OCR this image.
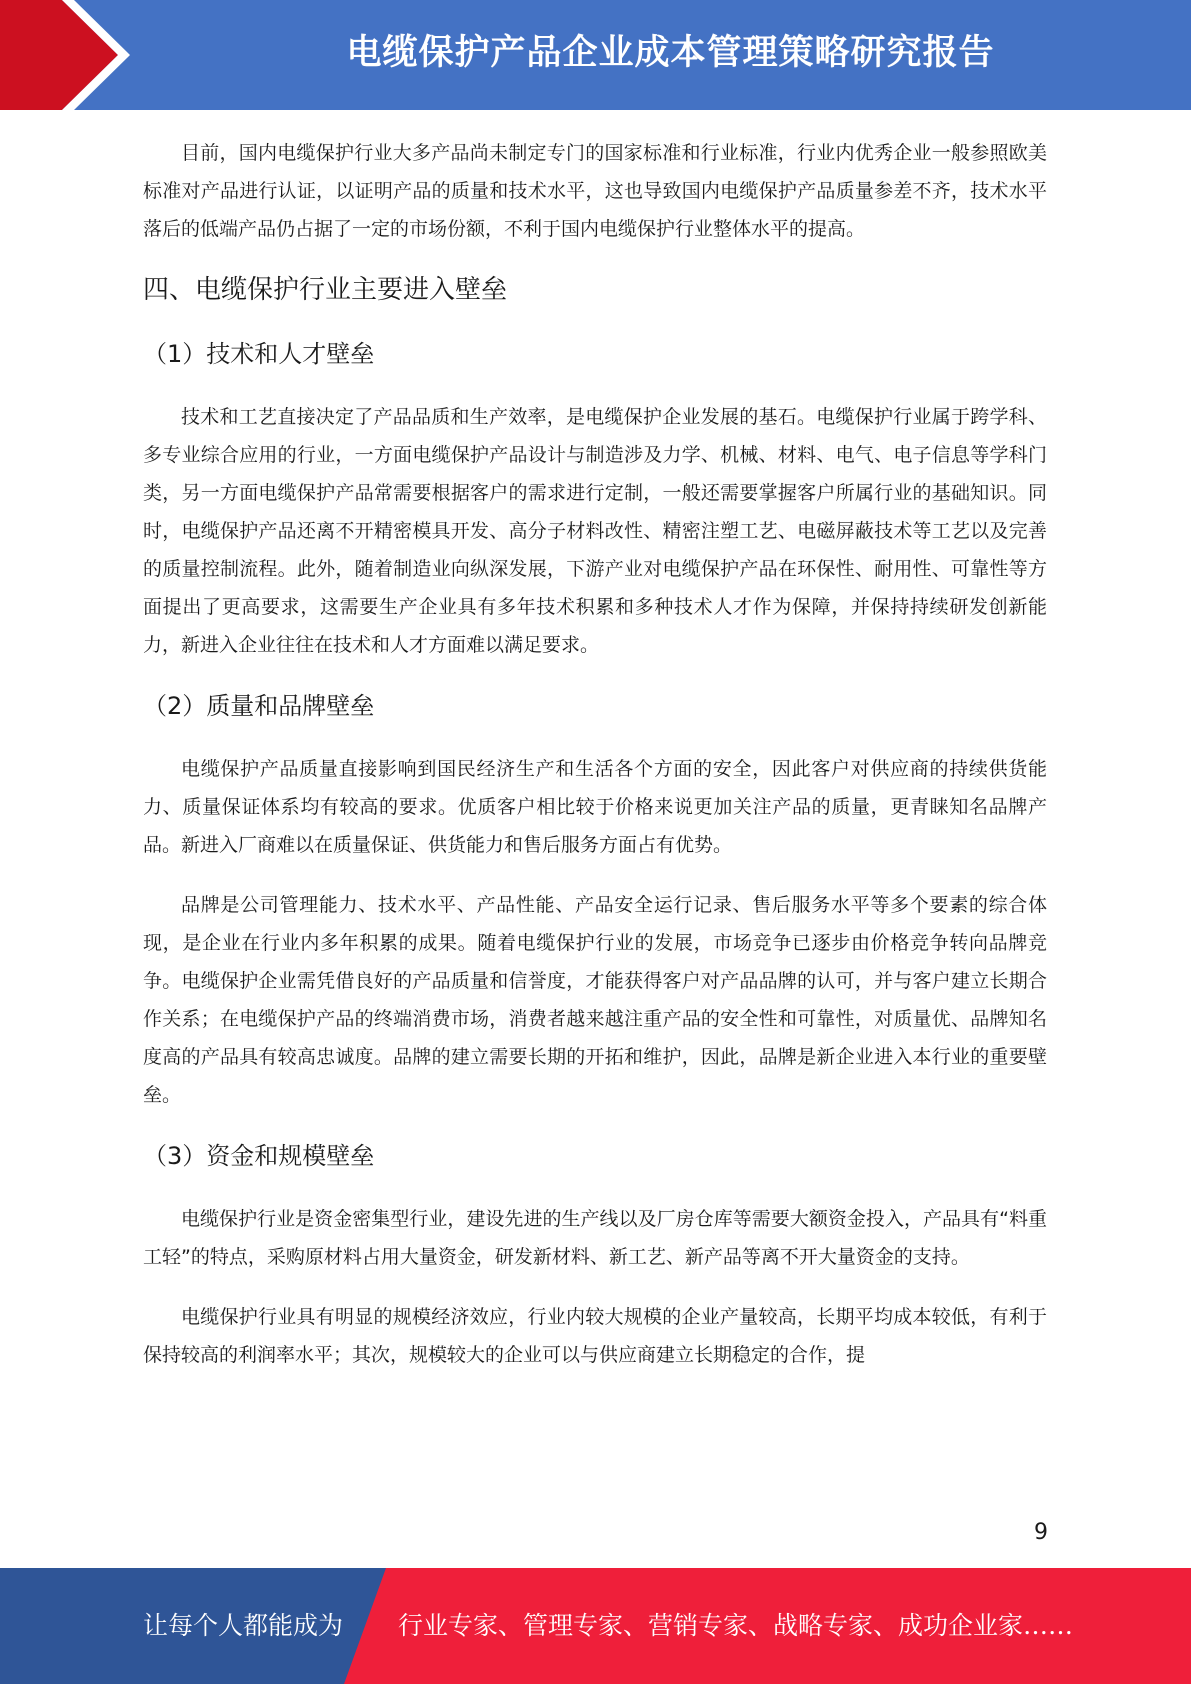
电缆保护产品企业成本管理策略研究报告

目前，国内电缆保护行业大多产品尚未制定专门的国家标准和行业标准，行业内优秀企业一般参照欧美标准对产品进行认证，以证明产品的质量和技术水平，这也导致国内电缆保护产品质量参差不齐，技术水平落后的低端产品仍占据了一定的市场份额，不利于国内电缆保护行业整体水平的提高。

四、电缆保护行业主要进入壁垒
（1）技术和人才壁垒

技术和工艺直接决定了产品品质和生产效率，是电缆保护企业发展的基石。电缆保护行业属于跨学科、多专业综合应用的行业，一方面电缆保护产品设计与制造涉及力学、机械、材料、电气、电子信息等学科门类，另一方面电缆保护产品常需要根据客户的需求进行定制，一般还需要掌握客户所属行业的基础知识。同时，电缆保护产品还离不开精密模具开发、高分子材料改性、精密注塑工艺、电磁屏蔽技术等工艺以及完善的质量控制流程。此外，随着制造业向纵深发展，下游产业对电缆保护产品在环保性、耐用性、可靠性等方面提出了更高要求，这需要生产企业具有多年技术积累和多种技术人才作为保障，并保持持续研发创新能力，新进入企业往往在技术和人才方面难以满足要求。

（2）质量和品牌壁垒

电缆保护产品质量直接影响到国民经济生产和生活各个方面的安全，因此客户对供应商的持续供货能力、质量保证体系均有较高的要求。优质客户相比较于价格来说更加关注产品的质量，更青睐知名品牌产品。新进入厂商难以在质量保证、供货能力和售后服务方面占有优势。

品牌是公司管理能力、技术水平、产品性能、产品安全运行记录、售后服务水平等多个要素的综合体现，是企业在行业内多年积累的成果。随着电缆保护行业的发展，市场竞争已逐步由价格竞争转向品牌竞争。电缆保护企业需凭借良好的产品质量和信誉度，才能获得客户对产品品牌的认可，并与客户建立长期合作关系；在电缆保护产品的终端消费市场，消费者越来越注重产品的安全性和可靠性，对质量优、品牌知名度高的产品具有较高忠诚度。品牌的建立需要长期的开拓和维护，因此，品牌是新企业进入本行业的重要壁垒。

（3）资金和规模壁垒

电缆保护行业是资金密集型行业，建设先进的生产线以及厂房仓库等需要大额资金投入，产品具有“料重工轻”的特点，采购原材料占用大量资金，研发新材料、新工艺、新产品等离不开大量资金的支持。

电缆保护行业具有明显的规模经济效应，行业内较大规模的企业产量较高，长期平均成本较低，有利于保持较高的利润率水平；其次，规模较大的企业可以与供应商建立长期稳定的合作，提

9
让每个人都能成为 行业专家、管理专家、营销专家、战略专家、成功企业家……
